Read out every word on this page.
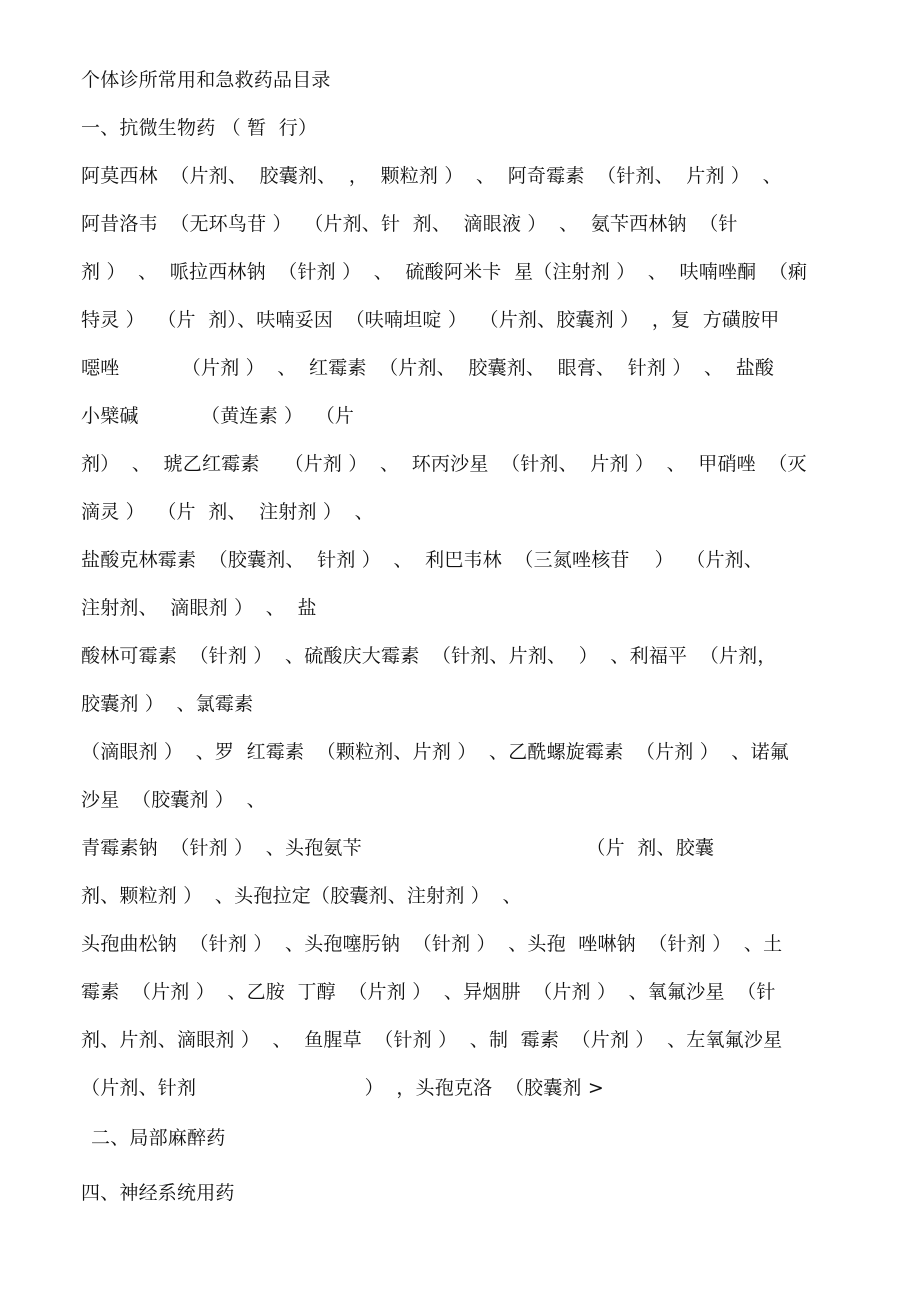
个体诊所常用和急救药品目录
一、抗微生物药 （ 暂  行）
阿莫西林  （片剂、  胶囊剂、  ，  颗粒剂 ）  、  阿奇霉素  （针剂、  片剂 ）  、
阿昔洛韦  （无环鸟苷 ）  （片剂、针  剂、  滴眼液 ）  、  氨苄西林钠  （针
剂 ）  、  哌拉西林钠  （针剂 ）  、  硫酸阿米卡  星（注射剂 ）  、  呋喃唑酮  （痢
特灵 ）  （片  剂）、呋喃妥因  （呋喃坦啶 ）  （片剂、胶囊剂 ）  ，复  方磺胺甲
噁唑          （片剂 ）  、  红霉素  （片剂、  胶囊剂、  眼膏、  针剂 ）  、  盐酸
小檗碱          （黄连素 ）  （片
剂）  、  琥乙红霉素    （片剂 ）  、  环丙沙星  （针剂、  片剂 ）  、  甲硝唑  （灭
滴灵 ）  （片  剂、  注射剂 ）  、
盐酸克林霉素  （胶囊剂、  针剂 ）  、  利巴韦林  （三氮唑核苷    ）  （片剂、
注射剂、  滴眼剂 ）  、  盐
酸林可霉素  （针剂 ）  、硫酸庆大霉素  （针剂、片剂、  ）  、利福平  （片剂，
胶囊剂 ）  、氯霉素
（滴眼剂 ）  、罗  红霉素  （颗粒剂、片剂 ）  、乙酰螺旋霉素  （片剂 ）  、诺氟
沙星  （胶囊剂 ）  、
青霉素钠  （针剂 ）  、头孢氨苄                                    （片  剂、胶囊
剂、颗粒剂 ）  、头孢拉定（胶囊剂、注射剂 ）  、
头孢曲松钠  （针剂 ）  、头孢噻肟钠  （针剂 ）  、头孢  唑啉钠  （针剂 ）  、土
霉素  （片剂 ）  、乙胺  丁醇  （片剂 ）  、异烟肼  （片剂 ）  、氧氟沙星  （针
剂、片剂、滴眼剂 ）  、  鱼腥草  （针剂 ）  、制  霉素  （片剂 ）  、左氧氟沙星
（片剂、针剂                           ）  ，头孢克洛  （胶囊剂 >
二、局部麻醉药
四、神经系统用药
